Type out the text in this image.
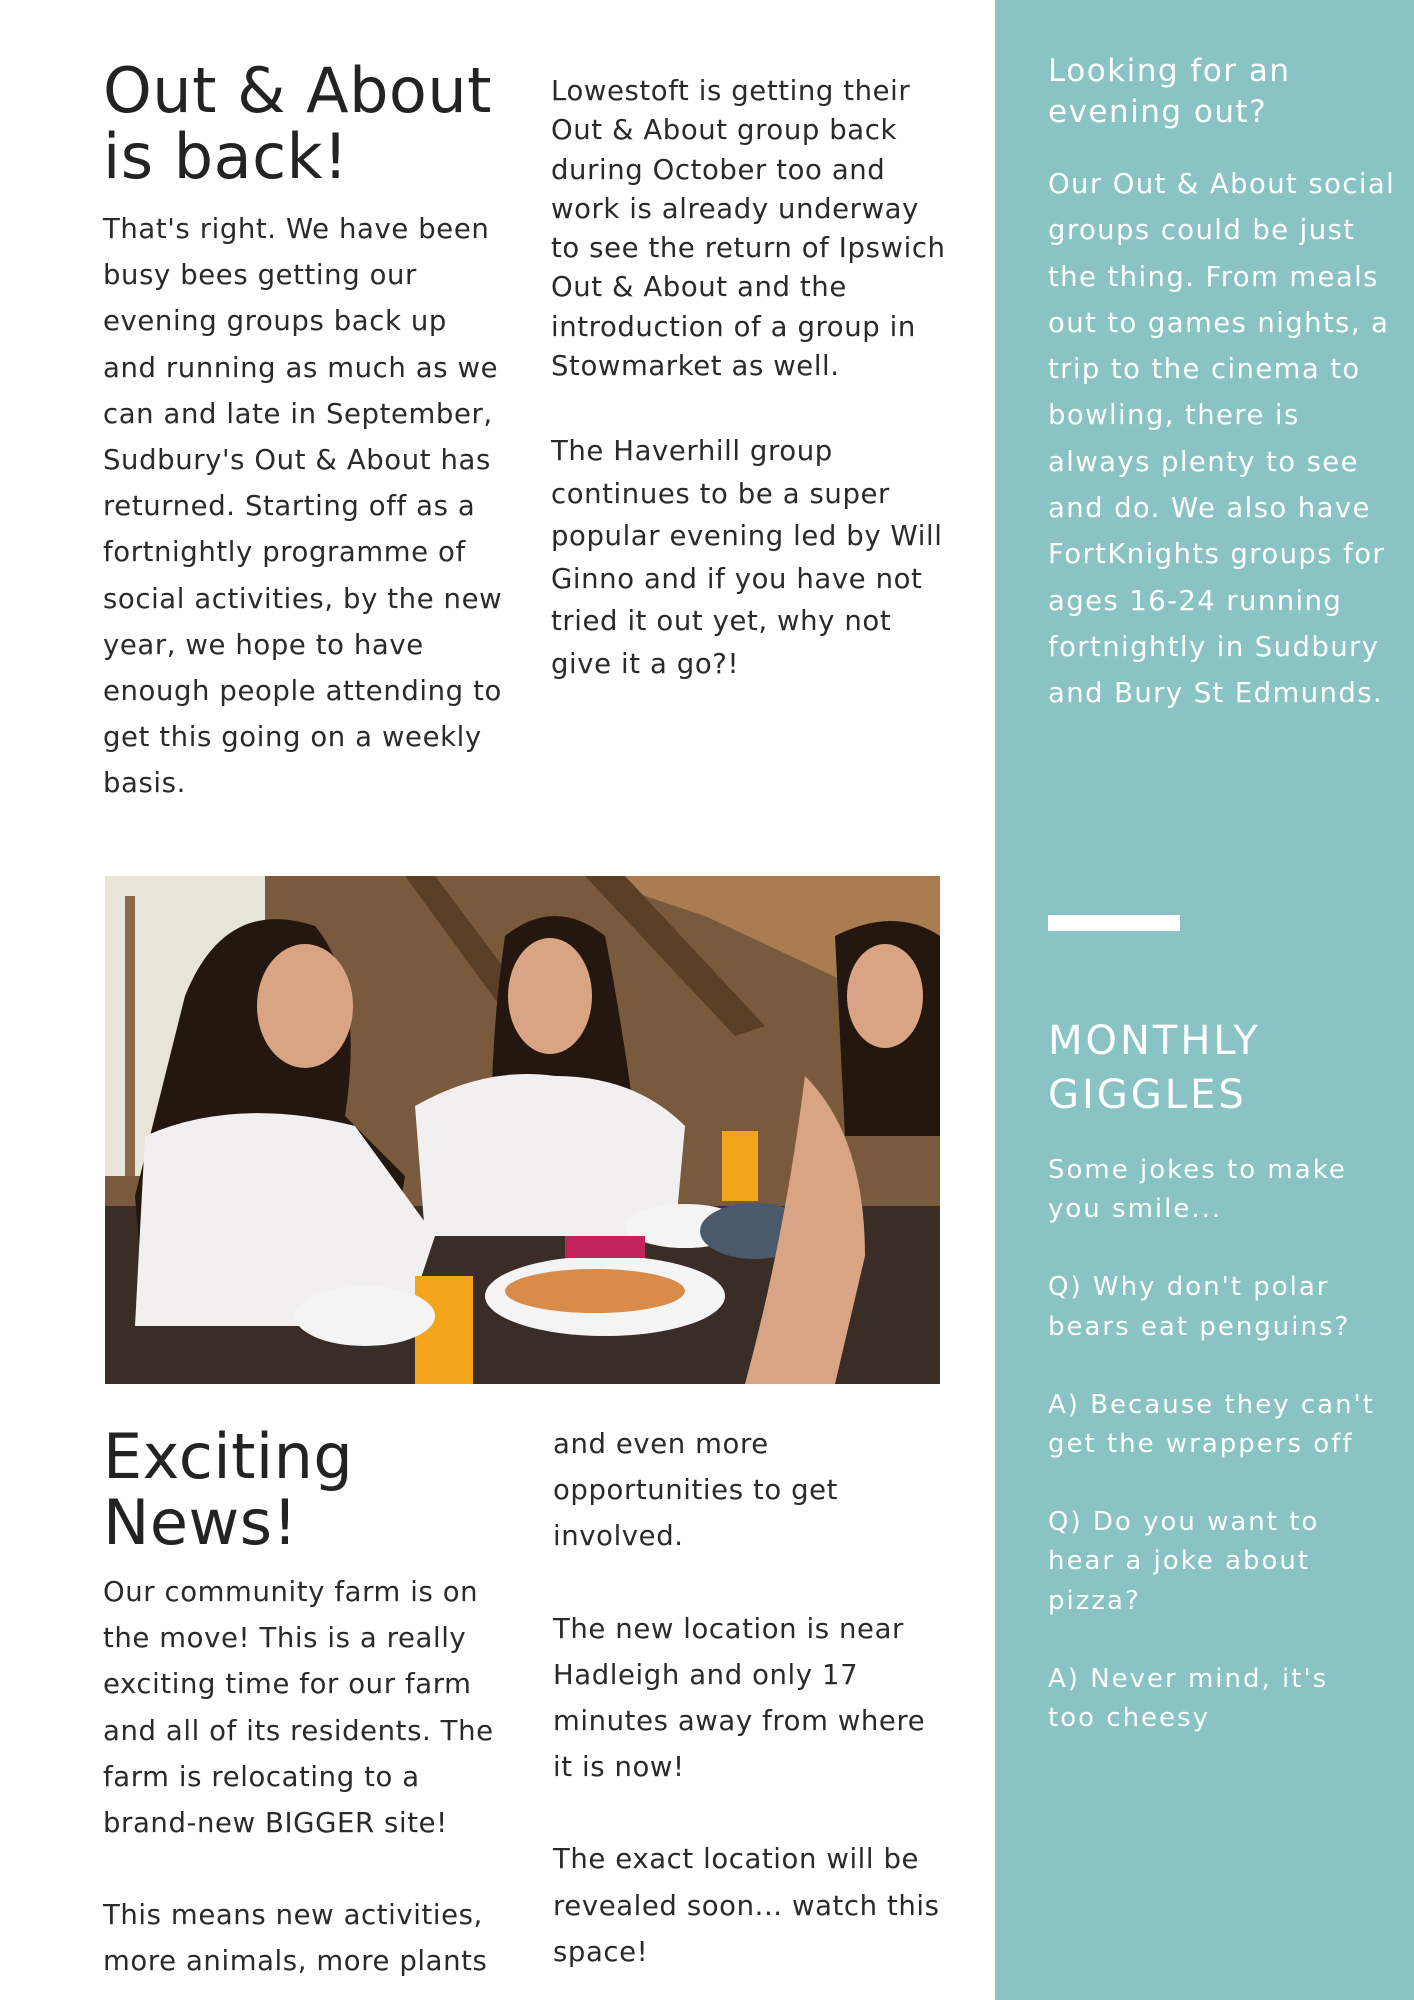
Out & About
is back!

That's right. We have been busy bees getting our evening groups back up and running as much as we can and late in September, Sudbury's Out & About has returned. Starting off as a fortnightly programme of social activities, by the new year, we hope to have enough people attending to get this going on a weekly basis.

Lowestoft is getting their Out & About group back during October too and work is already underway to see the return of Ipswich Out & About and the introduction of a group in Stowmarket as well.

The Haverhill group continues to be a super popular evening led by Will Ginno and if you have not tried it out yet, why not give it a go?!

Exciting
News!

Our community farm is on the move! This is a really exciting time for our farm and all of its residents. The farm is relocating to a brand-new BIGGER site!

This means new activities, more animals, more plants

and even more opportunities to get involved.

The new location is near Hadleigh and only 17 minutes away from where it is now!

The exact location will be revealed soon... watch this space!

Looking for an evening out?

Our Out & About social groups could be just the thing. From meals out to games nights, a trip to the cinema to bowling, there is always plenty to see and do. We also have FortKnights groups for ages 16-24 running fortnightly in Sudbury and Bury St Edmunds.

MONTHLY
GIGGLES

Some jokes to make you smile...

Q) Why don't polar bears eat penguins?

A) Because they can't get the wrappers off

Q) Do you want to hear a joke about pizza?

A) Never mind, it's too cheesy
